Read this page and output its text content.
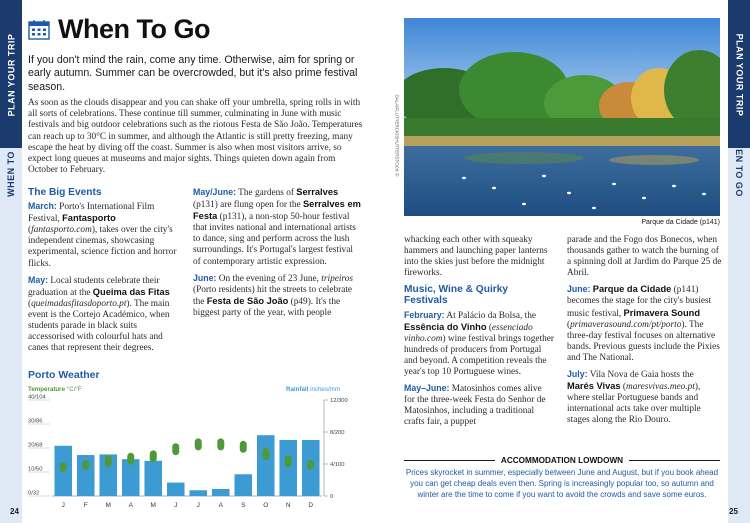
PLAN YOUR TRIP
WHEN TO GO
PLAN YOUR TRIP
WHEN TO GO
When To Go

If you don't mind the rain, come any time. Otherwise, aim for spring or early autumn. Summer can be overcrowded, but it's also prime festival season.

As soon as the clouds disappear and you can shake off your umbrella, spring rolls in with all sorts of celebrations. These continue till summer, culminating in June with music festivals and big outdoor celebrations such as the riotous Festa de São João. Temperatures can reach up to 30°C in summer, and although the Atlantic is still pretty freezing, many escape the heat by diving off the coast. Summer is also when most visitors arrive, so expect long queues at museums and major sights. Things quieten down again from October to February.

The Big Events

March: Porto's International Film Festival, Fantasporto (fantasporto.com), takes over the city's independent cinemas, showcasing experimental, science fiction and horror flicks.

May: Local students celebrate their graduation at the Queima das Fitas (queimadasfitasdoporto.pt). The main event is the Cortejo Académico, when students parade in black suits accessorised with colourful hats and canes that represent their degrees.

May/June: The gardens of Serralves (p131) are flung open for the Serralves em Festa (p131), a non-stop 50-hour festival that invites national and international artists to dance, sing and perform across the lush surroundings. It's Portugal's largest festival of contemporary artistic expression.

June: On the evening of 23 June, tripeiros (Porto residents) hit the streets to celebrate the Festa de São João (p49). It's the biggest party of the year, with people

Porto Weather
Temperature °C/°F	Rainfall inches/mm
40/104
30/86
20/68
10/50
0/32
12/300
8/200
4/100
0
J	F	M	A	M	J	J	A	S	O	N	D

whacking each other with squeaky hammers and launching paper lanterns into the skies just before the midnight fireworks.

Music, Wine & Quirky Festivals

February: At Palácio da Bolsa, the Essência do Vinho (essenciado vinho.com) wine festival brings together hundreds of producers from Portugal and beyond. A competition reveals the year's top 10 Portuguese wines.

May–June: Matosinhos comes alive for the three-week Festa do Senhor de Matosinhos, including a traditional crafts fair, a puppet

parade and the Fogo dos Bonecos, when thousands gather to watch the burning of a spinning doll at Jardim do Parque 25 de Abril.

June: Parque da Cidade (p141) becomes the stage for the city's busiest music festival, Primavera Sound (primaverasound.com/pt/porto). The three-day festival focuses on alternative bands. Previous guests include the Pixies and The National.

July: Vila Nova de Gaia hosts the Marés Vivas (maresvivas.meo.pt), where stellar Portuguese bands and international acts take over multiple stages along the Rio Douro.

DALAIFLUTTERCK/SHUTTERSTOCK ©
Parque da Cidade (p141)
ACCOMMODATION LOWDOWN

Prices skyrocket in summer, especially between June and August, but if you book ahead you can get cheap deals even then. Spring is increasingly popular too, so autumn and winter are the time to come if you want to avoid the crowds and save some euros.

24	25
